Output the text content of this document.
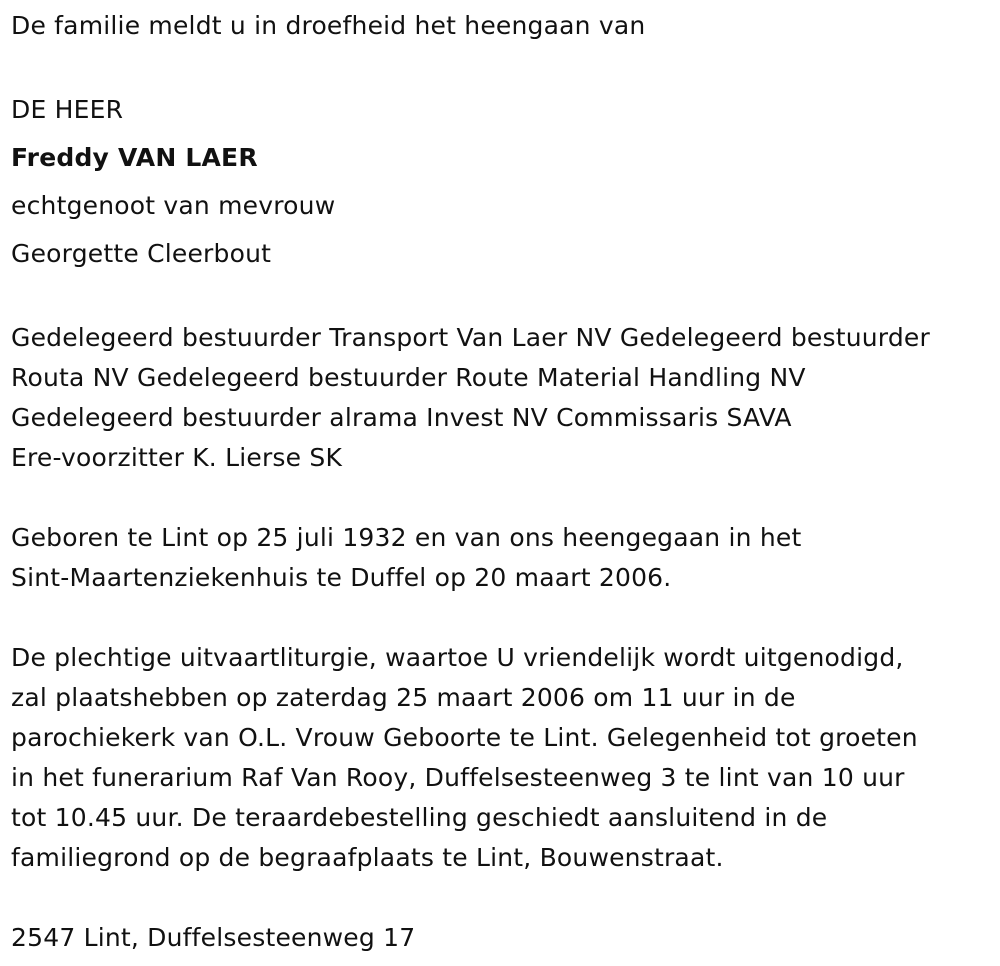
De familie meldt u in droefheid het heengaan van
DE HEER
Freddy VAN LAER
echtgenoot van mevrouw
Georgette Cleerbout
Gedelegeerd bestuurder Transport Van Laer NV Gedelegeerd bestuurder
Routa NV Gedelegeerd bestuurder Route Material Handling NV
Gedelegeerd bestuurder alrama Invest NV Commissaris SAVA
Ere-voorzitter K. Lierse SK
Geboren te Lint op 25 juli 1932 en van ons heengegaan in het
Sint-Maartenziekenhuis te Duffel op 20 maart 2006.
De plechtige uitvaartliturgie, waartoe U vriendelijk wordt uitgenodigd,
zal plaatshebben op zaterdag 25 maart 2006 om 11 uur in de
parochiekerk van O.L. Vrouw Geboorte te Lint. Gelegenheid tot groeten
in het funerarium Raf Van Rooy, Duffelsesteenweg 3 te lint van 10 uur
tot 10.45 uur. De teraardebestelling geschiedt aansluitend in de
familiegrond op de begraafplaats te Lint, Bouwenstraat.
2547 Lint, Duffelsesteenweg 17
